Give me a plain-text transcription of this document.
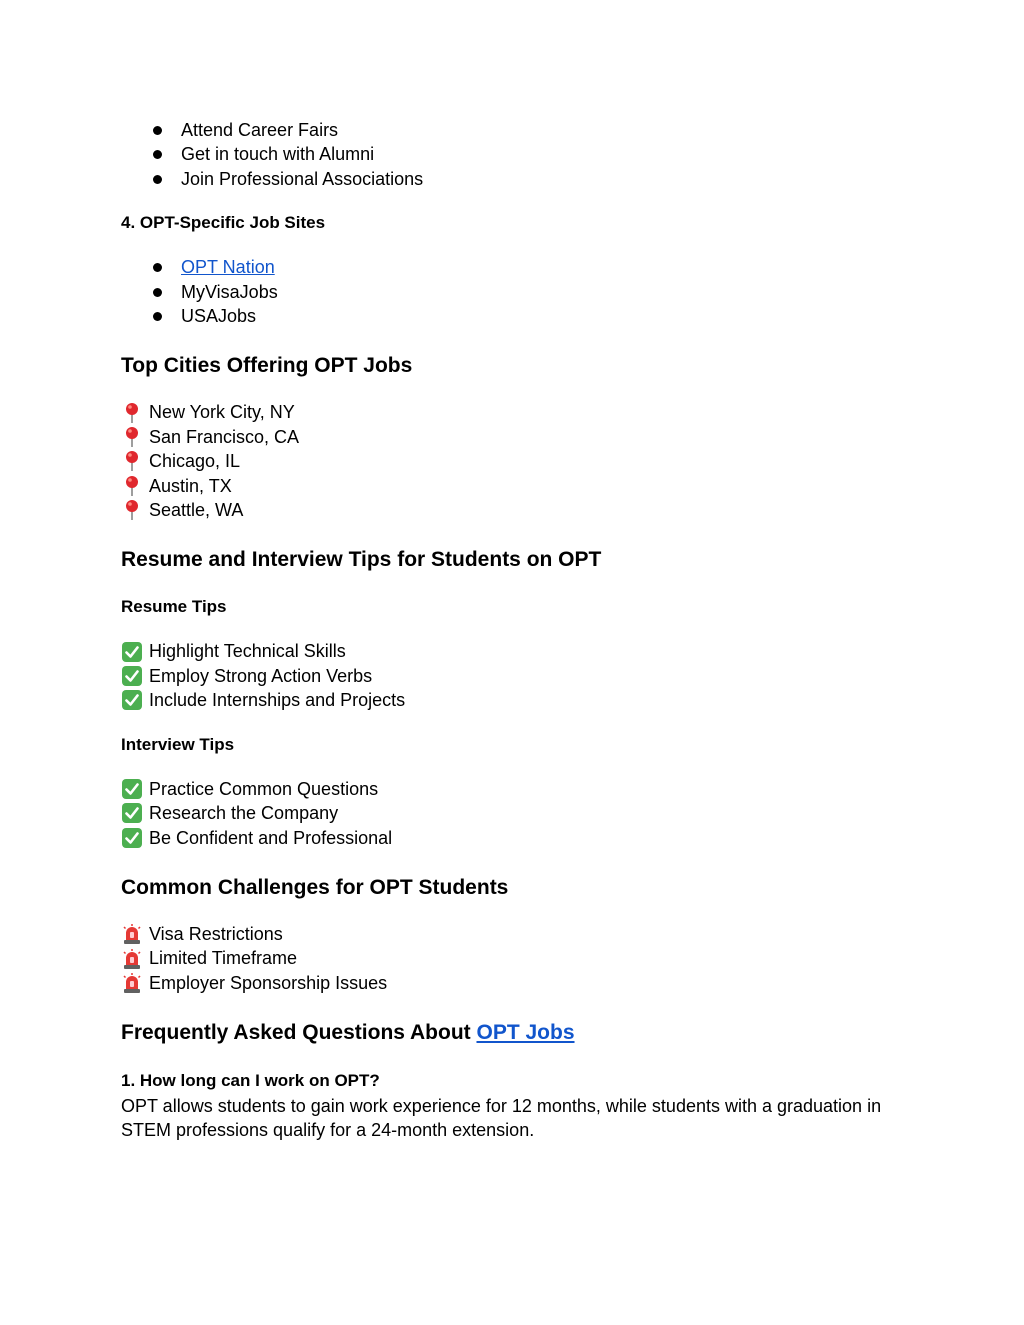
Attend Career Fairs
Get in touch with Alumni
Join Professional Associations
4. OPT-Specific Job Sites
OPT Nation
MyVisaJobs
USAJobs
Top Cities Offering OPT Jobs
New York City, NY
San Francisco, CA
Chicago, IL
Austin, TX
Seattle, WA
Resume and Interview Tips for Students on OPT
Resume Tips
Highlight Technical Skills
Employ Strong Action Verbs
Include Internships and Projects
Interview Tips
Practice Common Questions
Research the Company
Be Confident and Professional
Common Challenges for OPT Students
Visa Restrictions
Limited Timeframe
Employer Sponsorship Issues
Frequently Asked Questions About OPT Jobs
1. How long can I work on OPT?

OPT allows students to gain work experience for 12 months, while students with a graduation in STEM professions qualify for a 24-month extension.
